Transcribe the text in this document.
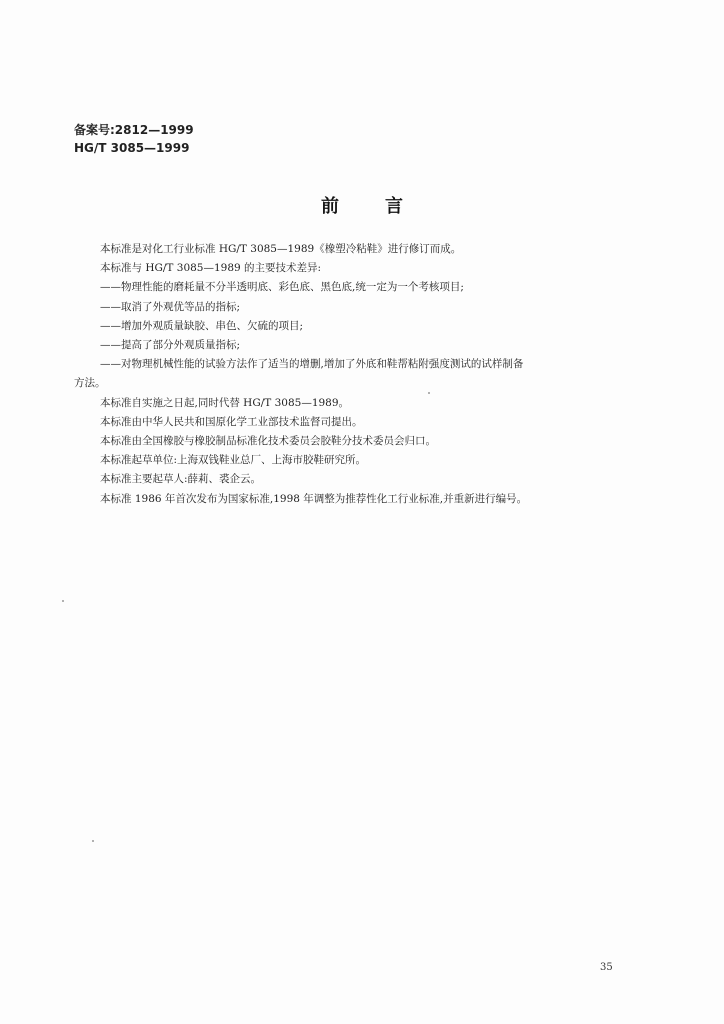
备案号:2812—1999
HG/T 3085—1999
前言

本标准是对化工行业标准 HG/T 3085—1989《橡塑冷粘鞋》进行修订而成。

本标准与 HG/T 3085—1989 的主要技术差异:

——物理性能的磨耗量不分半透明底、彩色底、黑色底,统一定为一个考核项目;

——取消了外观优等品的指标;

——增加外观质量缺胶、串色、欠硫的项目;

——提高了部分外观质量指标;

——对物理机械性能的试验方法作了适当的增删,增加了外底和鞋帮粘附强度测试的试样制备

方法。

本标准自实施之日起,同时代替 HG/T 3085—1989。

本标准由中华人民共和国原化学工业部技术监督司提出。

本标准由全国橡胶与橡胶制品标准化技术委员会胶鞋分技术委员会归口。

本标准起草单位:上海双钱鞋业总厂、上海市胶鞋研究所。

本标准主要起草人:薛莉、裘企云。

本标准 1986 年首次发布为国家标准,1998 年调整为推荐性化工行业标准,并重新进行编号。

35
